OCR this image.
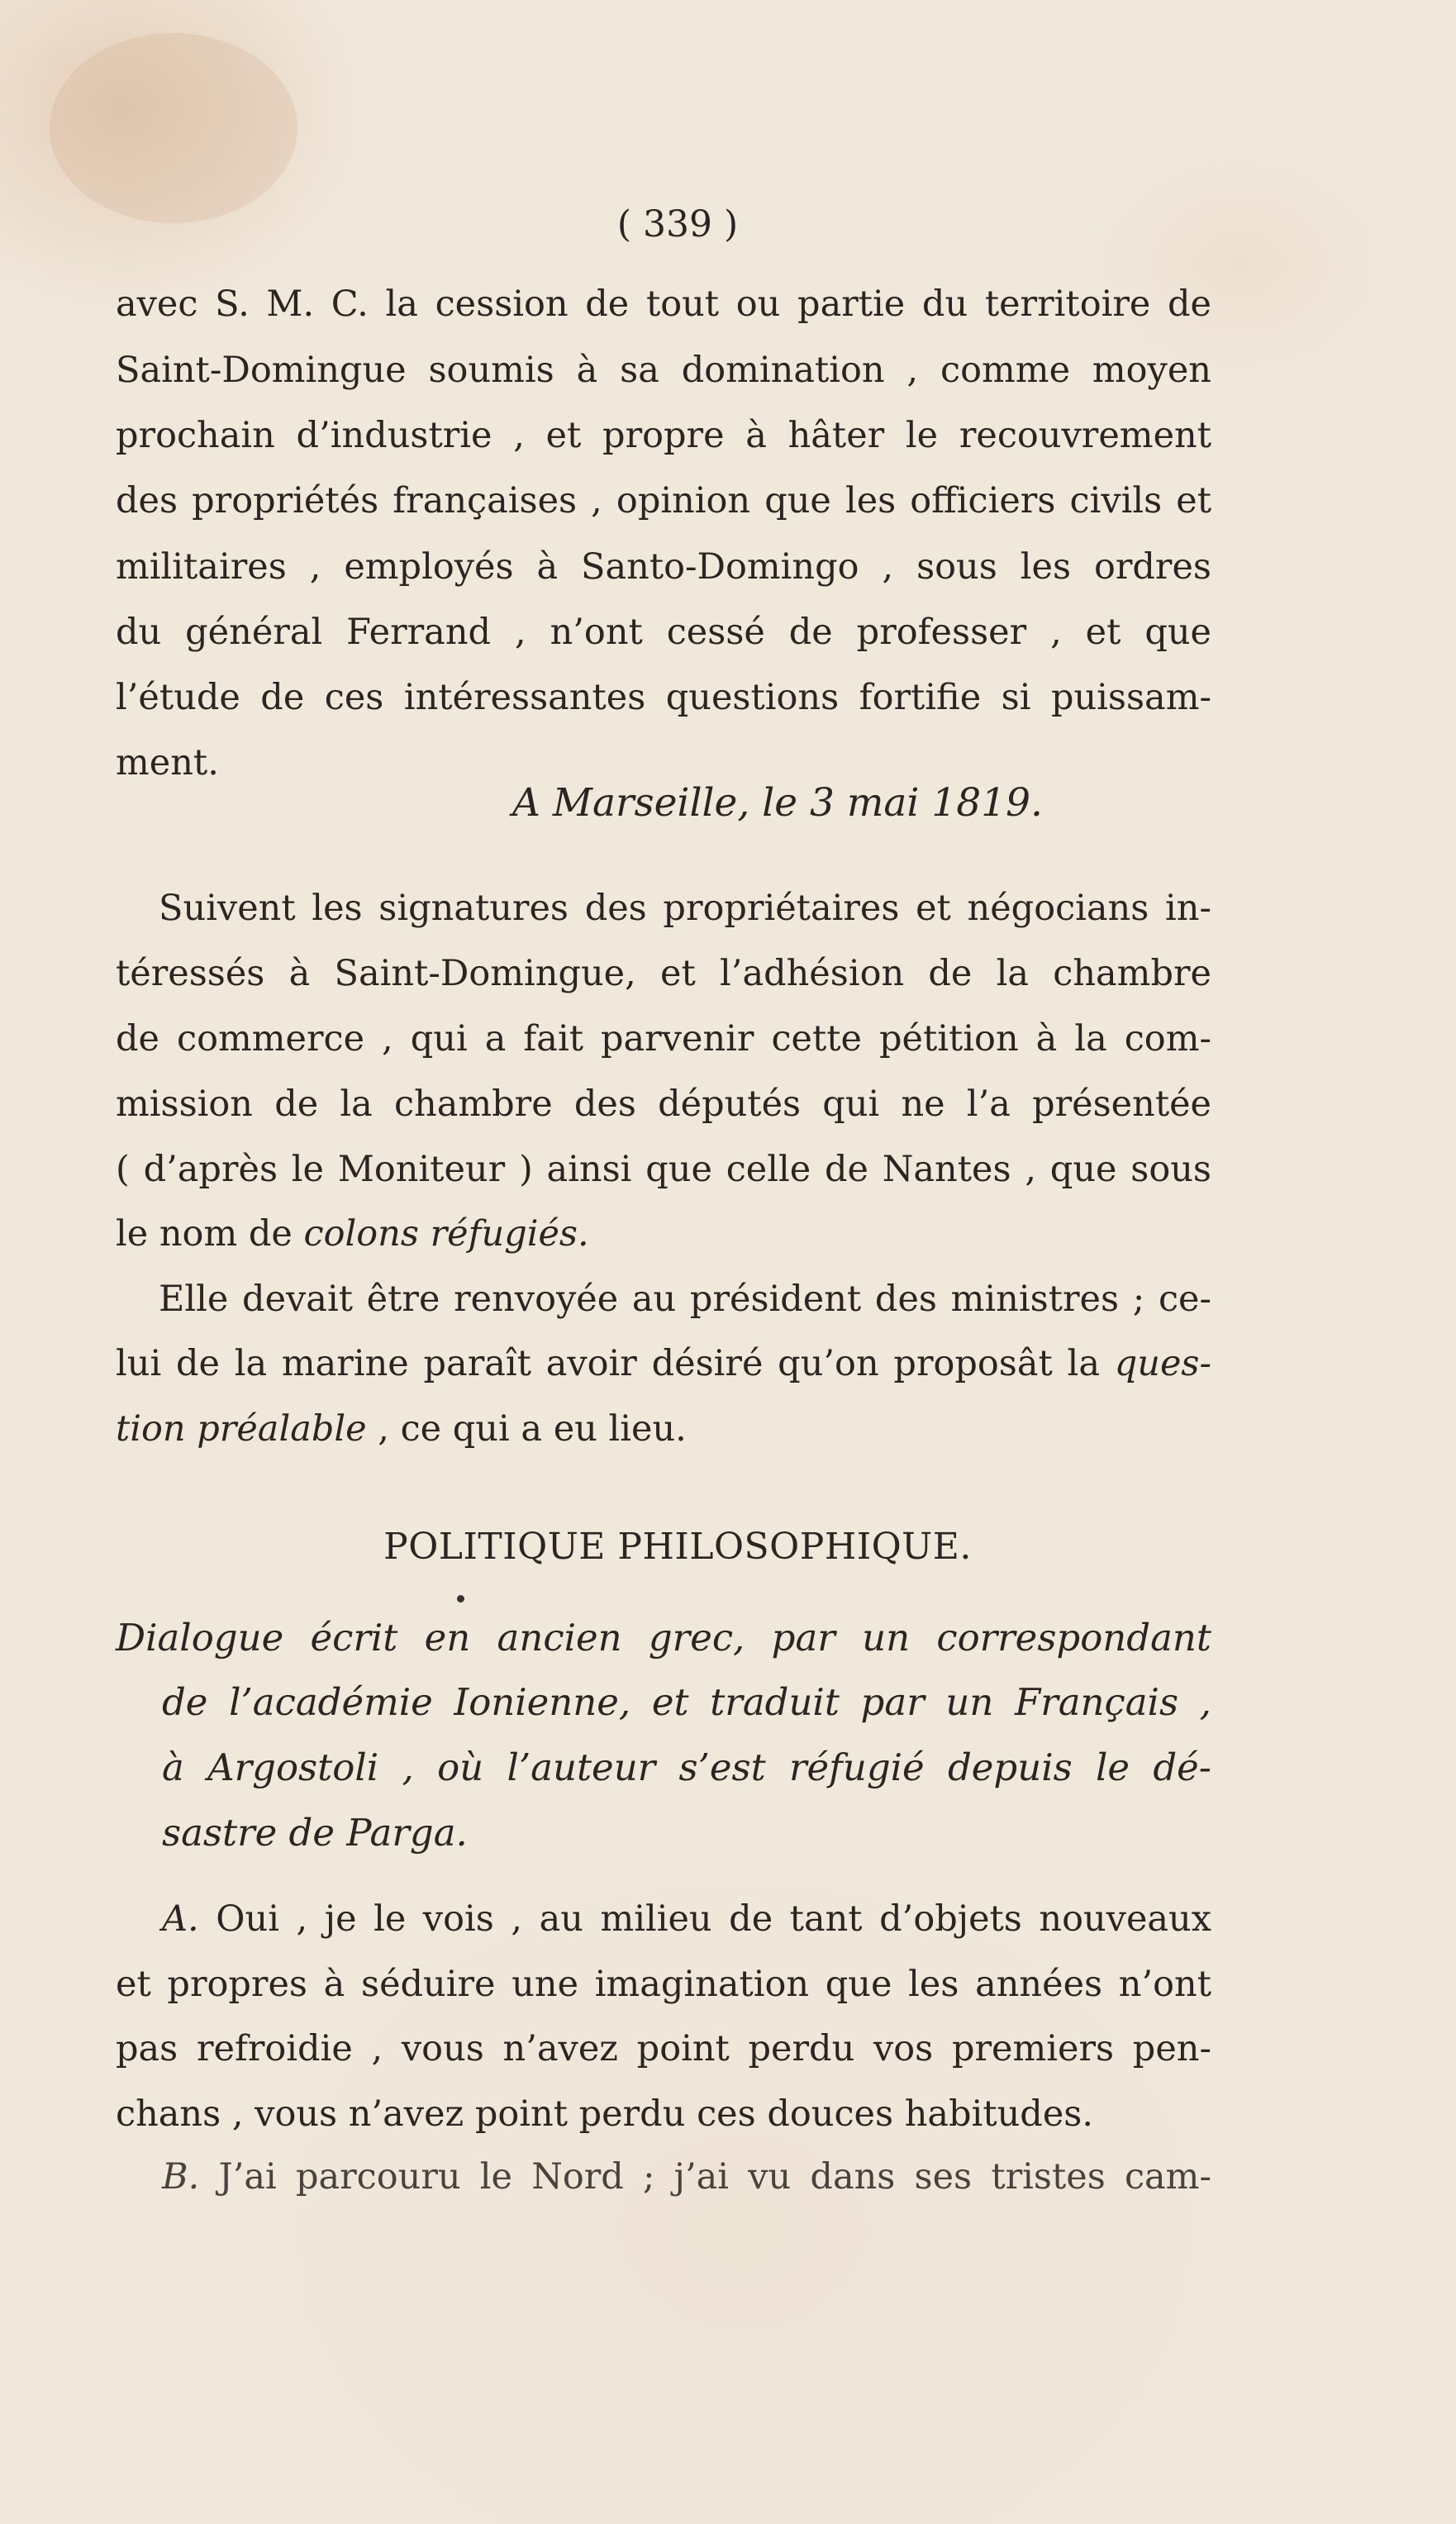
( 339 )
avec S. M. C. la cession de tout ou partie du territoire de
Saint-Domingue soumis à sa domination , comme moyen
prochain d’industrie , et propre à hâter le recouvrement
des propriétés françaises , opinion que les officiers civils et
militaires , employés à Santo-Domingo , sous les ordres
du général Ferrand , n’ont cessé de professer , et que
l’étude de ces intéressantes questions fortifie si puissam-
ment.
A Marseille, le 3 mai 1819.
Suivent les signatures des propriétaires et négocians in-
téressés à Saint-Domingue, et l’adhésion de la chambre
de commerce , qui a fait parvenir cette pétition à la com-
mission de la chambre des députés qui ne l’a présentée
( d’après le Moniteur ) ainsi que celle de Nantes , que sous
le nom de colons réfugiés.
Elle devait être renvoyée au président des ministres ; ce-
lui de la marine paraît avoir désiré qu’on proposât la ques-
tion préalable , ce qui a eu lieu.
POLITIQUE PHILOSOPHIQUE.
Dialogue écrit en ancien grec, par un correspondant
de l’académie Ionienne, et traduit par un Français ,
à Argostoli , où l’auteur s’est réfugié depuis le dé-
sastre de Parga.
A. Oui , je le vois , au milieu de tant d’objets nouveaux
et propres à séduire une imagination que les années n’ont
pas refroidie , vous n’avez point perdu vos premiers pen-
chans , vous n’avez point perdu ces douces habitudes.
B. J’ai parcouru le Nord ; j’ai vu dans ses tristes cam-
